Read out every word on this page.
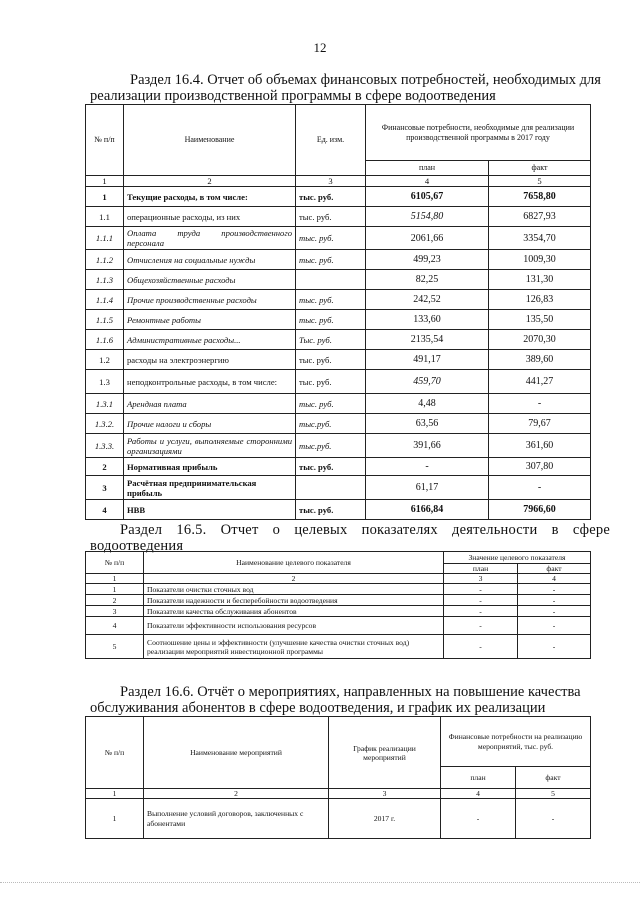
12
Раздел 16.4. Отчет об объемах финансовых потребностей, необходимых для реализации производственной программы в сфере водоотведения
№ п/п	Наименование	Ед. изм.	Финансовые потребности, необходимые для реализации производственной программы в 2017 году	
			план	факт
1	2	3	4	5
1	Текущие расходы, в том числе:	тыс. руб.	6105,67	7658,80
1.1	операционные расходы, из них	тыс. руб.	5154,80	6827,93
1.1.1	Оплата труда производственного персонала	тыс. руб.	2061,66	3354,70
1.1.2	Отчисления на социальные нужды	тыс. руб.	499,23	1009,30
1.1.3	Общехозяйственные расходы		82,25	131,30
1.1.4	Прочие производственные расходы	тыс. руб.	242,52	126,83
1.1.5	Ремонтные работы	тыс. руб.	133,60	135,50
1.1.6	Административные расходы...	Тыс. руб.	2135,54	2070,30
1.2	расходы на электроэнергию	тыс. руб.	491,17	389,60
1.3	неподконтрольные расходы, в том числе:	тыс. руб.	459,70	441,27
1.3.1	Арендная плата	тыс. руб.	4,48	-
1.3.2.	Прочие налоги и сборы	тыс.руб.	63,56	79,67
1.3.3.	Работы и услуги, выполняемые сторонними организациями	тыс.руб.	391,66	361,60
2	Нормативная прибыль	тыс. руб.	-	307,80
3	Расчётная предпринимательская прибыль		61,17	-
4	НВВ	тыс. руб.	6166,84	7966,60
Раздел 16.5. Отчет о целевых показателях деятельности в сфере водоотведения
№ п/п	Наименование целевого показателя	Значение целевого показателя	
		план	факт
1	2	3	4
1	Показатели очистки сточных вод	-	-
2	Показатели надежности и бесперебойности водоотведения	-	-
3	Показатели качества обслуживания абонентов	-	-
4	Показатели эффективности использования ресурсов	-	-
5	Соотношение цены и эффективности (улучшение качества очистки сточных вод) реализации мероприятий инвестиционной программы	-	-
Раздел 16.6. Отчёт о мероприятиях, направленных на повышение качества обслуживания абонентов в сфере водоотведения, и график их реализации
№ п/п	Наименование мероприятий	График реализации мероприятий	Финансовые потребности на реализацию мероприятий, тыс. руб.	
			план	факт
1	2	3	4	5
1	Выполнение условий договоров, заключенных с абонентами	2017 г.	-	-
